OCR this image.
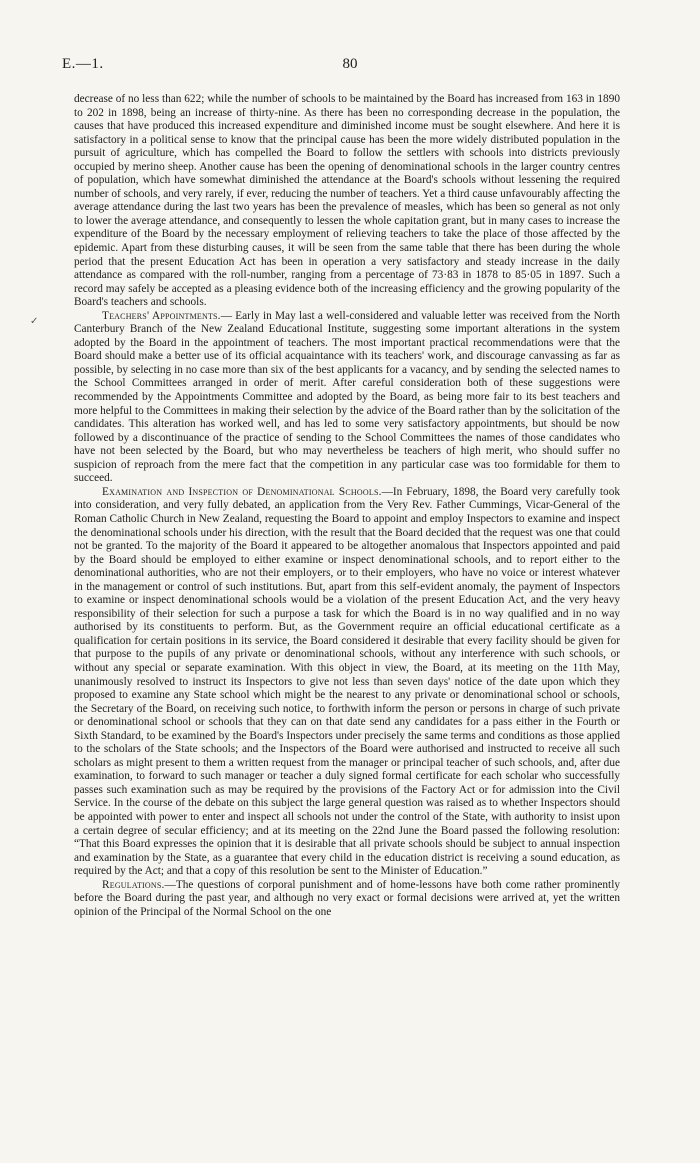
E.—1.	80

decrease of no less than 622; while the number of schools to be maintained by the Board has increased from 163 in 1890 to 202 in 1898, being an increase of thirty-nine. As there has been no corresponding decrease in the population, the causes that have produced this increased expenditure and diminished income must be sought elsewhere. And here it is satisfactory in a political sense to know that the principal cause has been the more widely distributed population in the pursuit of agriculture, which has compelled the Board to follow the settlers with schools into districts previously occupied by merino sheep. Another cause has been the opening of denominational schools in the larger country centres of population, which have somewhat diminished the attendance at the Board's schools without lessening the required number of schools, and very rarely, if ever, reducing the number of teachers. Yet a third cause unfavourably affecting the average attendance during the last two years has been the prevalence of measles, which has been so general as not only to lower the average attendance, and consequently to lessen the whole capitation grant, but in many cases to increase the expenditure of the Board by the necessary employment of relieving teachers to take the place of those affected by the epidemic. Apart from these disturbing causes, it will be seen from the same table that there has been during the whole period that the present Education Act has been in operation a very satisfactory and steady increase in the daily attendance as compared with the roll-number, ranging from a percentage of 73·83 in 1878 to 85·05 in 1897. Such a record may safely be accepted as a pleasing evidence both of the increasing efficiency and the growing popularity of the Board's teachers and schools.

Teachers' Appointments.— Early in May last a well-considered and valuable letter was received from the North Canterbury Branch of the New Zealand Educational Institute, suggesting some important alterations in the system adopted by the Board in the appointment of teachers. The most important practical recommendations were that the Board should make a better use of its official acquaintance with its teachers' work, and discourage canvassing as far as possible, by selecting in no case more than six of the best applicants for a vacancy, and by sending the selected names to the School Committees arranged in order of merit. After careful consideration both of these suggestions were recommended by the Appointments Committee and adopted by the Board, as being more fair to its best teachers and more helpful to the Committees in making their selection by the advice of the Board rather than by the solicitation of the candidates. This alteration has worked well, and has led to some very satisfactory appointments, but should be now followed by a discontinuance of the practice of sending to the School Committees the names of those candidates who have not been selected by the Board, but who may nevertheless be teachers of high merit, who should suffer no suspicion of reproach from the mere fact that the competition in any particular case was too formidable for them to succeed.

Examination and Inspection of Denominational Schools.—In February, 1898, the Board very carefully took into consideration, and very fully debated, an application from the Very Rev. Father Cummings, Vicar-General of the Roman Catholic Church in New Zealand, requesting the Board to appoint and employ Inspectors to examine and inspect the denominational schools under his direction, with the result that the Board decided that the request was one that could not be granted. To the majority of the Board it appeared to be altogether anomalous that Inspectors appointed and paid by the Board should be employed to either examine or inspect denominational schools, and to report either to the denominational authorities, who are not their employers, or to their employers, who have no voice or interest whatever in the management or control of such institutions. But, apart from this self-evident anomaly, the payment of Inspectors to examine or inspect denominational schools would be a violation of the present Education Act, and the very heavy responsibility of their selection for such a purpose a task for which the Board is in no way qualified and in no way authorised by its constituents to perform. But, as the Government require an official educational certificate as a qualification for certain positions in its service, the Board considered it desirable that every facility should be given for that purpose to the pupils of any private or denominational schools, without any interference with such schools, or without any special or separate examination. With this object in view, the Board, at its meeting on the 11th May, unanimously resolved to instruct its Inspectors to give not less than seven days' notice of the date upon which they proposed to examine any State school which might be the nearest to any private or denominational school or schools, the Secretary of the Board, on receiving such notice, to forthwith inform the person or persons in charge of such private or denominational school or schools that they can on that date send any candidates for a pass either in the Fourth or Sixth Standard, to be examined by the Board's Inspectors under precisely the same terms and conditions as those applied to the scholars of the State schools; and the Inspectors of the Board were authorised and instructed to receive all such scholars as might present to them a written request from the manager or principal teacher of such schools, and, after due examination, to forward to such manager or teacher a duly signed formal certificate for each scholar who successfully passes such examination such as may be required by the provisions of the Factory Act or for admission into the Civil Service. In the course of the debate on this subject the large general question was raised as to whether Inspectors should be appointed with power to enter and inspect all schools not under the control of the State, with authority to insist upon a certain degree of secular efficiency; and at its meeting on the 22nd June the Board passed the following resolution: “That this Board expresses the opinion that it is desirable that all private schools should be subject to annual inspection and examination by the State, as a guarantee that every child in the education district is receiving a sound education, as required by the Act; and that a copy of this resolution be sent to the Minister of Education.”

Regulations.—The questions of corporal punishment and of home-lessons have both come rather prominently before the Board during the past year, and although no very exact or formal decisions were arrived at, yet the written opinion of the Principal of the Normal School on the one

✓
